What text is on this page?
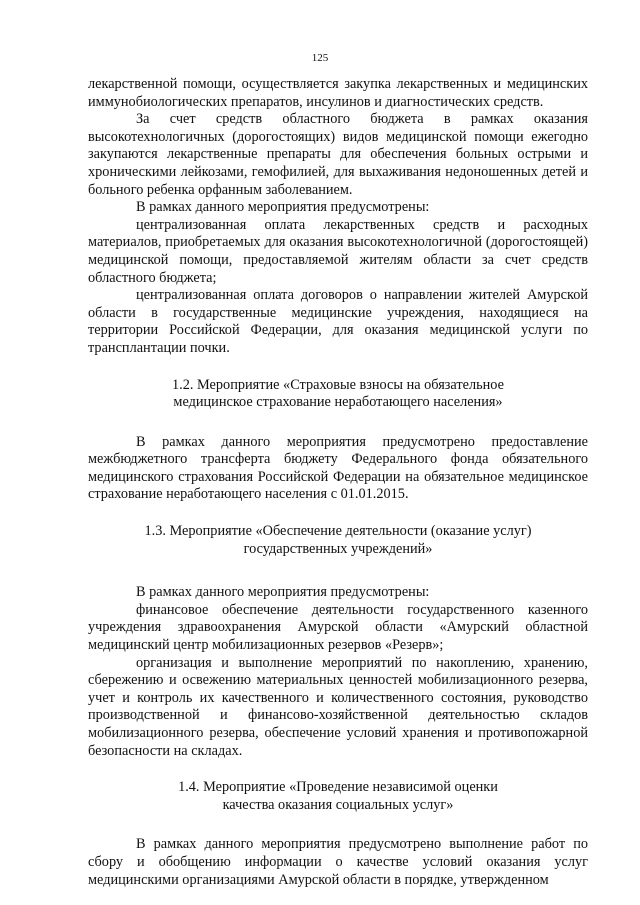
125

лекарственной помощи, осуществляется закупка лекарственных и медицинских иммунобиологических препаратов, инсулинов и диагностических средств.

За счет средств областного бюджета в рамках оказания высокотехнологичных (дорогостоящих) видов медицинской помощи ежегодно закупаются лекарственные препараты для обеспечения больных острыми и хроническими лейкозами, гемофилией, для выхаживания недоношенных детей и больного ребенка орфанным заболеванием.

В рамках данного мероприятия предусмотрены:

централизованная оплата лекарственных средств и расходных материалов, приобретаемых для оказания высокотехнологичной (дорогостоящей) медицинской помощи, предоставляемой жителям области за счет средств областного бюджета;

централизованная оплата договоров о направлении жителей Амурской области в государственные медицинские учреждения, находящиеся на территории Российской Федерации, для оказания медицинской услуги по трансплантации почки.

1.2. Мероприятие «Страховые взносы на обязательное
медицинское страхование неработающего населения»

В рамках данного мероприятия предусмотрено предоставление межбюджетного трансферта бюджету Федерального фонда обязательного медицинского страхования Российской Федерации на обязательное медицинское страхование неработающего населения с 01.01.2015.

1.3. Мероприятие «Обеспечение деятельности (оказание услуг)
государственных учреждений»

В рамках данного мероприятия предусмотрены:

финансовое обеспечение деятельности государственного казенного учреждения здравоохранения Амурской области «Амурский областной медицинский центр мобилизационных резервов «Резерв»;

организация и выполнение мероприятий по накоплению, хранению, сбережению и освежению материальных ценностей мобилизационного резерва, учет и контроль их качественного и количественного состояния, руководство производственной и финансово-хозяйственной деятельностью складов мобилизационного резерва, обеспечение условий хранения и противопожарной безопасности на складах.

1.4. Мероприятие «Проведение независимой оценки
качества оказания социальных услуг»

В рамках данного мероприятия предусмотрено выполнение работ по сбору и обобщению информации о качестве условий оказания услуг медицинскими организациями Амурской области в порядке, утвержденном
